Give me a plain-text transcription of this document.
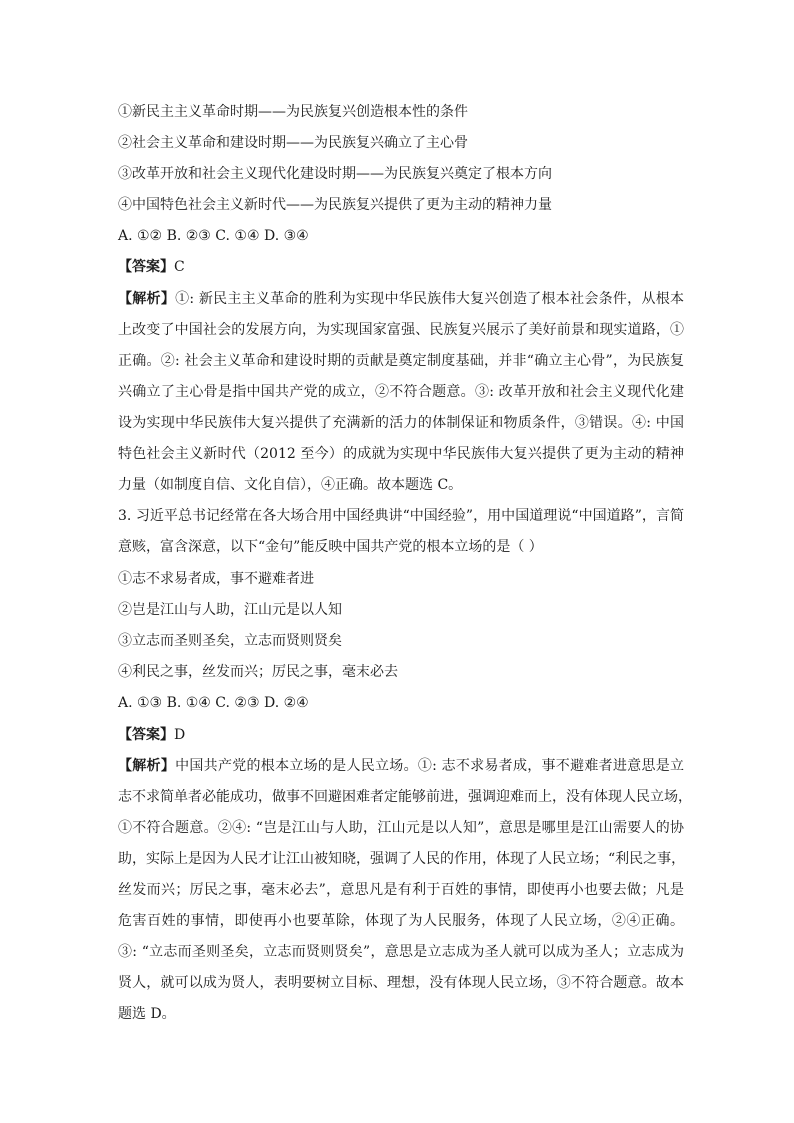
①新民主主义革命时期——为民族复兴创造根本性的条件
②社会主义革命和建设时期——为民族复兴确立了主心骨
③改革开放和社会主义现代化建设时期——为民族复兴奠定了根本方向
④中国特色社会主义新时代——为民族复兴提供了更为主动的精神力量
A. ①② B. ②③ C. ①④ D. ③④
【答案】C
【解析】①: 新民主主义革命的胜利为实现中华民族伟大复兴创造了根本社会条件，从根本
上改变了中国社会的发展方向，为实现国家富强、民族复兴展示了美好前景和现实道路，①
正确。②: 社会主义革命和建设时期的贡献是奠定制度基础，并非“确立主心骨”，为民族复
兴确立了主心骨是指中国共产党的成立，②不符合题意。③: 改革开放和社会主义现代化建
设为实现中华民族伟大复兴提供了充满新的活力的体制保证和物质条件，③错误。④: 中国
特色社会主义新时代（2012 至今）的成就为实现中华民族伟大复兴提供了更为主动的精神
力量（如制度自信、文化自信），④正确。故本题选 C。
3. 习近平总书记经常在各大场合用中国经典讲“中国经验”，用中国道理说“中国道路”，言简
意赅，富含深意，以下“金句”能反映中国共产党的根本立场的是（ ）
①志不求易者成，事不避难者进
②岂是江山与人助，江山元是以人知
③立志而圣则圣矣，立志而贤则贤矣
④利民之事，丝发而兴；厉民之事，毫末必去
A. ①③ B. ①④ C. ②③ D. ②④
【答案】D
【解析】中国共产党的根本立场的是人民立场。①: 志不求易者成，事不避难者进意思是立
志不求简单者必能成功，做事不回避困难者定能够前进，强调迎难而上，没有体现人民立场，
①不符合题意。②④: “岂是江山与人助，江山元是以人知”，意思是哪里是江山需要人的协
助，实际上是因为人民才让江山被知晓，强调了人民的作用，体现了人民立场；“利民之事，
丝发而兴；厉民之事，毫末必去”，意思凡是有利于百姓的事情，即使再小也要去做；凡是
危害百姓的事情，即使再小也要革除，体现了为人民服务，体现了人民立场，②④正确。
③: “立志而圣则圣矣，立志而贤则贤矣”，意思是立志成为圣人就可以成为圣人；立志成为
贤人，就可以成为贤人，表明要树立目标、理想，没有体现人民立场，③不符合题意。故本
题选 D。
